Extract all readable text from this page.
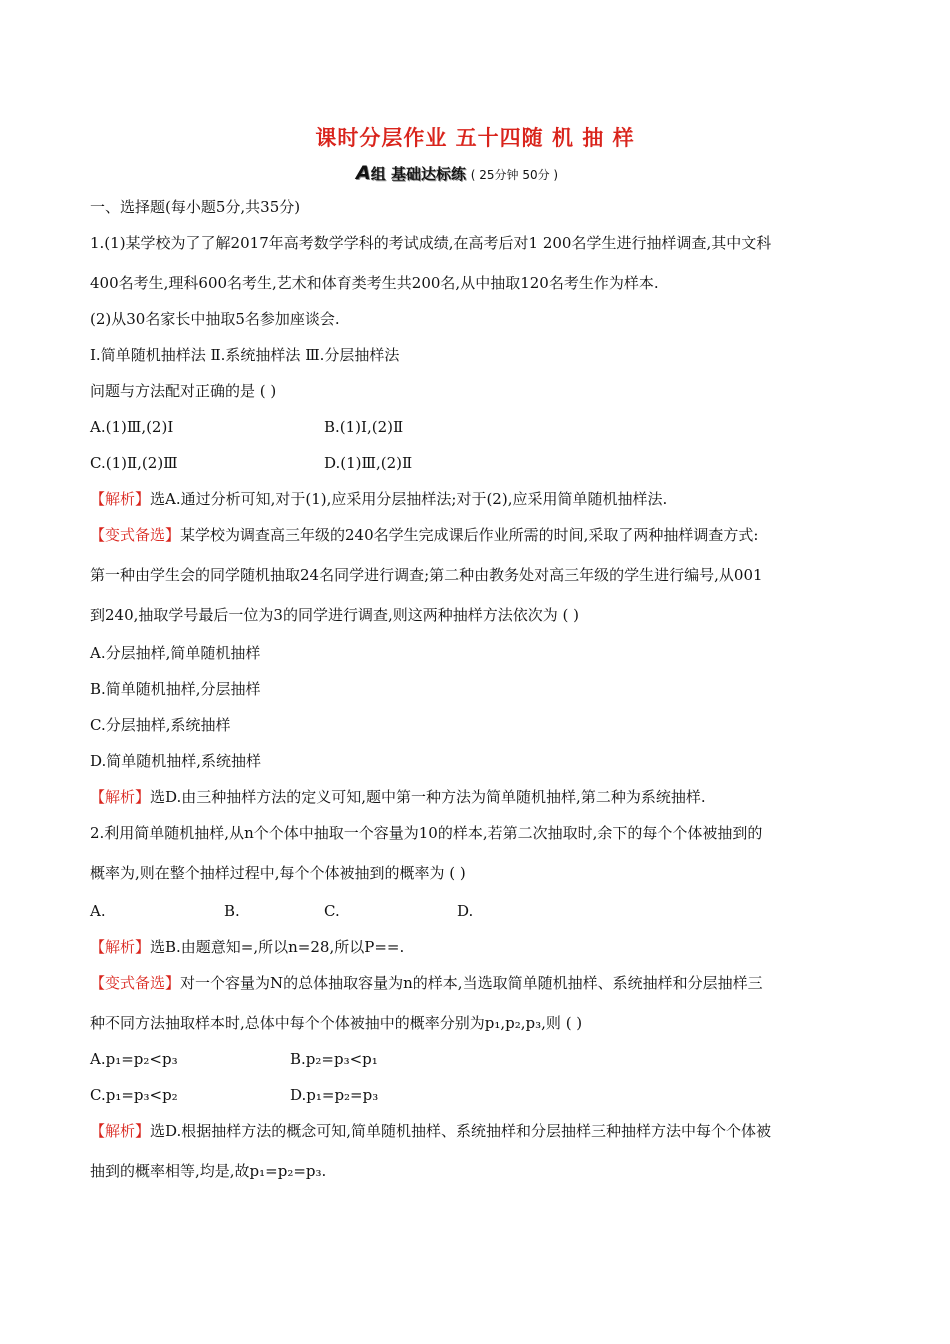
课时分层作业 五十四随 机 抽 样
A组 基础达标练 ( 25分钟 50分 )
一、选择题(每小题5分,共35分)
1.(1)某学校为了了解2017年高考数学学科的考试成绩,在高考后对1 200名学生进行抽样调查,其中文科
400名考生,理科600名考生,艺术和体育类考生共200名,从中抽取120名考生作为样本.
(2)从30名家长中抽取5名参加座谈会.
Ⅰ.简单随机抽样法 Ⅱ.系统抽样法 Ⅲ.分层抽样法
问题与方法配对正确的是 ( )
A.(1)Ⅲ,(2)Ⅰ	B.(1)Ⅰ,(2)Ⅱ
C.(1)Ⅱ,(2)Ⅲ	D.(1)Ⅲ,(2)Ⅱ
【解析】选A.通过分析可知,对于(1),应采用分层抽样法;对于(2),应采用简单随机抽样法.
【变式备选】某学校为调查高三年级的240名学生完成课后作业所需的时间,采取了两种抽样调查方式:
第一种由学生会的同学随机抽取24名同学进行调查;第二种由教务处对高三年级的学生进行编号,从001
到240,抽取学号最后一位为3的同学进行调查,则这两种抽样方法依次为 ( )
A.分层抽样,简单随机抽样
B.简单随机抽样,分层抽样
C.分层抽样,系统抽样
D.简单随机抽样,系统抽样
【解析】选D.由三种抽样方法的定义可知,题中第一种方法为简单随机抽样,第二种为系统抽样.
2.利用简单随机抽样,从n个个体中抽取一个容量为10的样本,若第二次抽取时,余下的每个个体被抽到的
概率为,则在整个抽样过程中,每个个体被抽到的概率为 ( )
A.	B.	C.	D.
【解析】选B.由题意知=,所以n=28,所以P==.
【变式备选】对一个容量为N的总体抽取容量为n的样本,当选取简单随机抽样、系统抽样和分层抽样三
种不同方法抽取样本时,总体中每个个体被抽中的概率分别为p₁,p₂,p₃,则 ( )
A.p₁=p₂<p₃	B.p₂=p₃<p₁
C.p₁=p₃<p₂	D.p₁=p₂=p₃
【解析】选D.根据抽样方法的概念可知,简单随机抽样、系统抽样和分层抽样三种抽样方法中每个个体被
抽到的概率相等,均是,故p₁=p₂=p₃.
